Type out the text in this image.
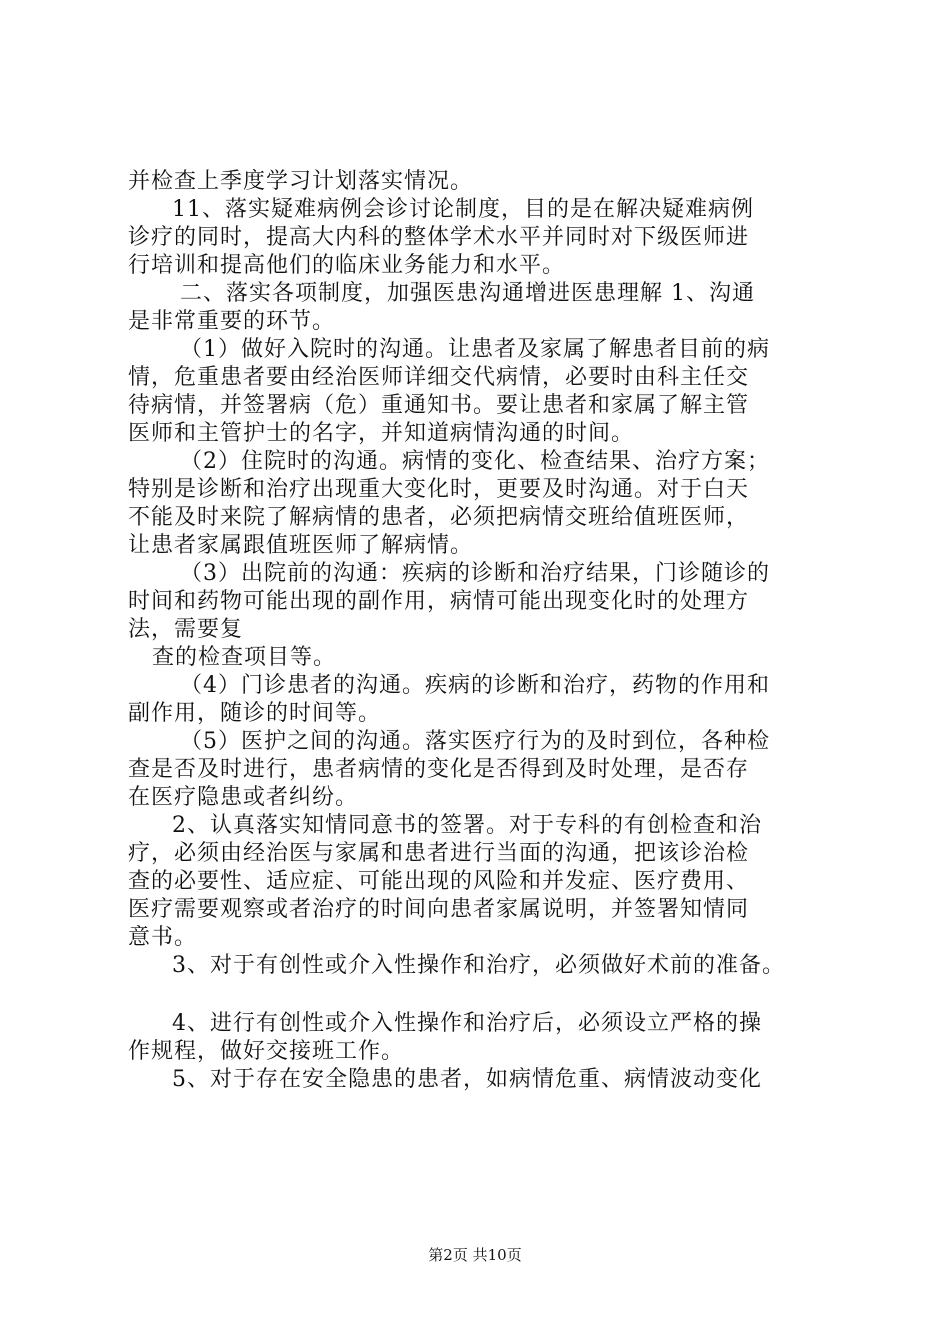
并检查上季度学习计划落实情况。
11、落实疑难病例会诊讨论制度，目的是在解决疑难病例
诊疗的同时，提高大内科的整体学术水平并同时对下级医师进
行培训和提高他们的临床业务能力和水平。
二、落实各项制度，加强医患沟通增进医患理解 1、沟通
是非常重要的环节。
（1）做好入院时的沟通。让患者及家属了解患者目前的病
情，危重患者要由经治医师详细交代病情，必要时由科主任交
待病情，并签署病（危）重通知书。要让患者和家属了解主管
医师和主管护士的名字，并知道病情沟通的时间。
（2）住院时的沟通。病情的变化、检查结果、治疗方案；
特别是诊断和治疗出现重大变化时，更要及时沟通。对于白天
不能及时来院了解病情的患者，必须把病情交班给值班医师，
让患者家属跟值班医师了解病情。
（3）出院前的沟通：疾病的诊断和治疗结果，门诊随诊的
时间和药物可能出现的副作用，病情可能出现变化时的处理方
法，需要复
查的检查项目等。
（4）门诊患者的沟通。疾病的诊断和治疗，药物的作用和
副作用，随诊的时间等。
（5）医护之间的沟通。落实医疗行为的及时到位，各种检
查是否及时进行，患者病情的变化是否得到及时处理，是否存
在医疗隐患或者纠纷。
2、认真落实知情同意书的签署。对于专科的有创检查和治
疗，必须由经治医与家属和患者进行当面的沟通，把该诊治检
查的必要性、适应症、可能出现的风险和并发症、医疗费用、
医疗需要观察或者治疗的时间向患者家属说明，并签署知情同
意书。
3、对于有创性或介入性操作和治疗，必须做好术前的准备。
4、进行有创性或介入性操作和治疗后，必须设立严格的操
作规程，做好交接班工作。
5、对于存在安全隐患的患者，如病情危重、病情波动变化
第2页 共10页
